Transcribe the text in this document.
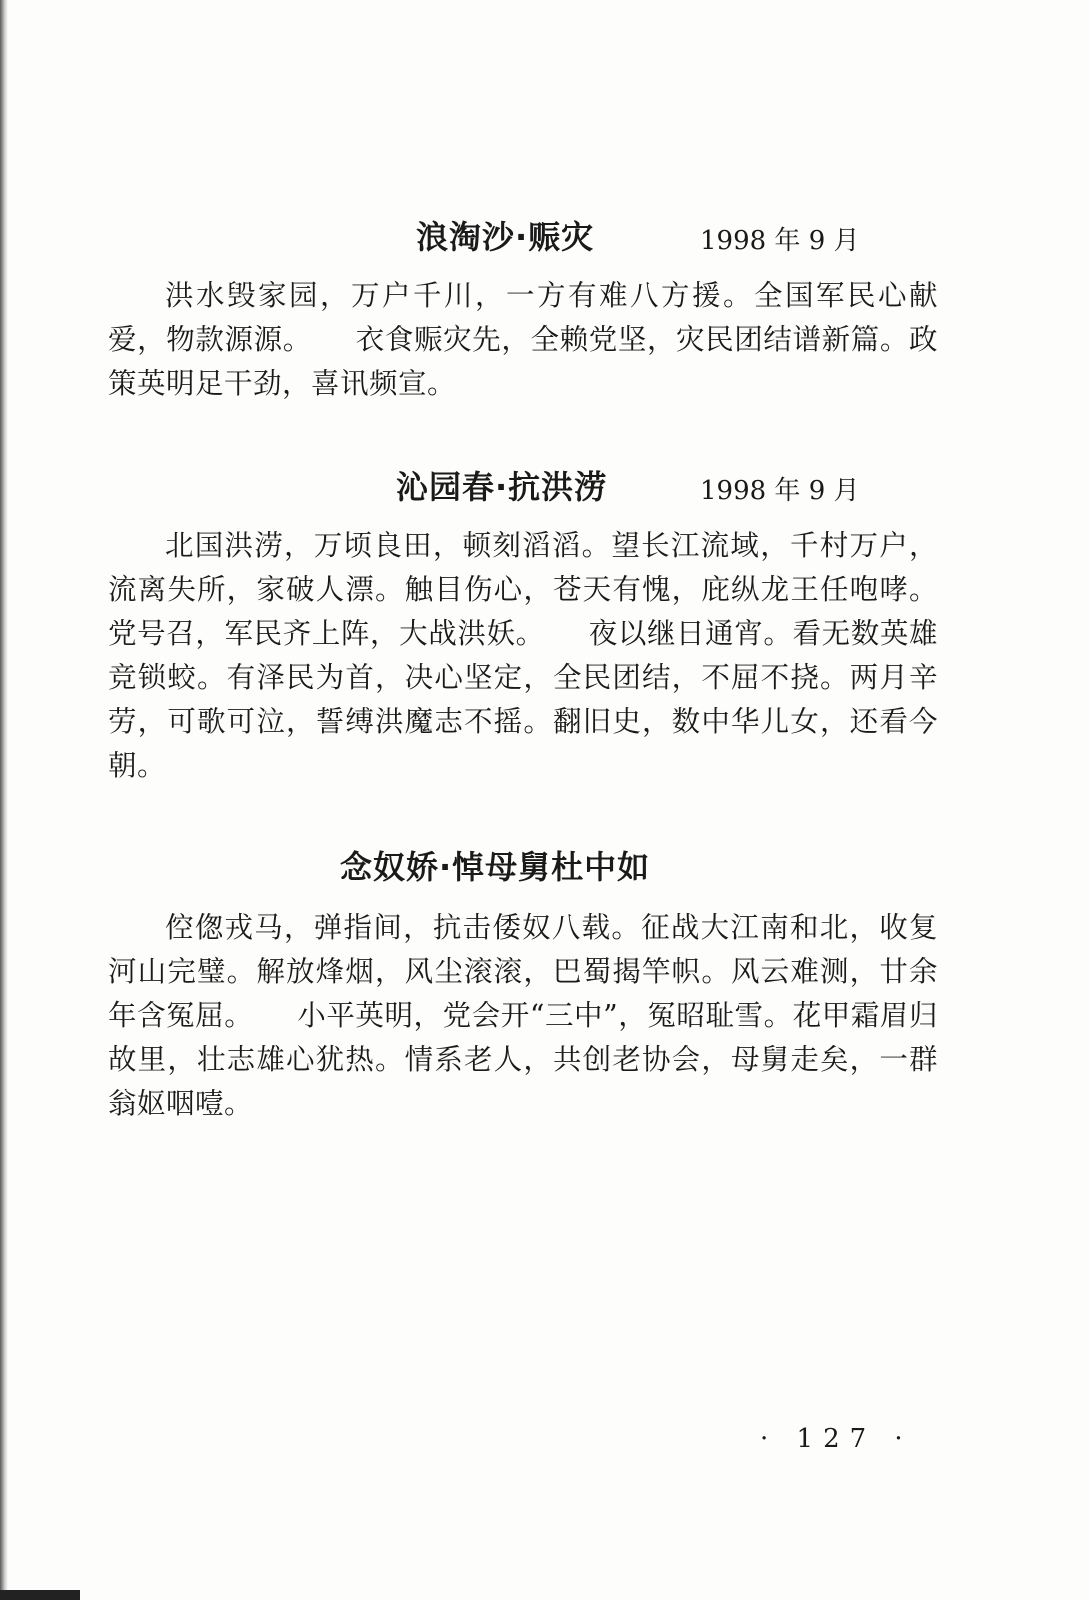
浪淘沙·赈灾	1998 年 9 月
洪水毁家园，万户千川，一方有难八方援。全国军民心献爱，物款源源。　　衣食赈灾先，全赖党坚，灾民团结谱新篇。政策英明足干劲，喜讯频宣。
沁园春·抗洪涝	1998 年 9 月
北国洪涝，万顷良田，顿刻滔滔。望长江流域，千村万户，流离失所，家破人漂。触目伤心，苍天有愧，庇纵龙王任咆哮。党号召，军民齐上阵，大战洪妖。　　夜以继日通宵。看无数英雄竞锁蛟。有泽民为首，决心坚定，全民团结，不屈不挠。两月辛劳，可歌可泣，誓缚洪魔志不摇。翻旧史，数中华儿女，还看今朝。
念奴娇·悼母舅杜中如
倥偬戎马，弹指间，抗击倭奴八载。征战大江南和北，收复河山完璧。解放烽烟，风尘滚滚，巴蜀揭竿帜。风云难测，廿余年含冤屈。　　小平英明，党会开“三中”，冤昭耻雪。花甲霜眉归故里，壮志雄心犹热。情系老人，共创老协会，母舅走矣，一群翁妪咽噎。
· 127 ·
